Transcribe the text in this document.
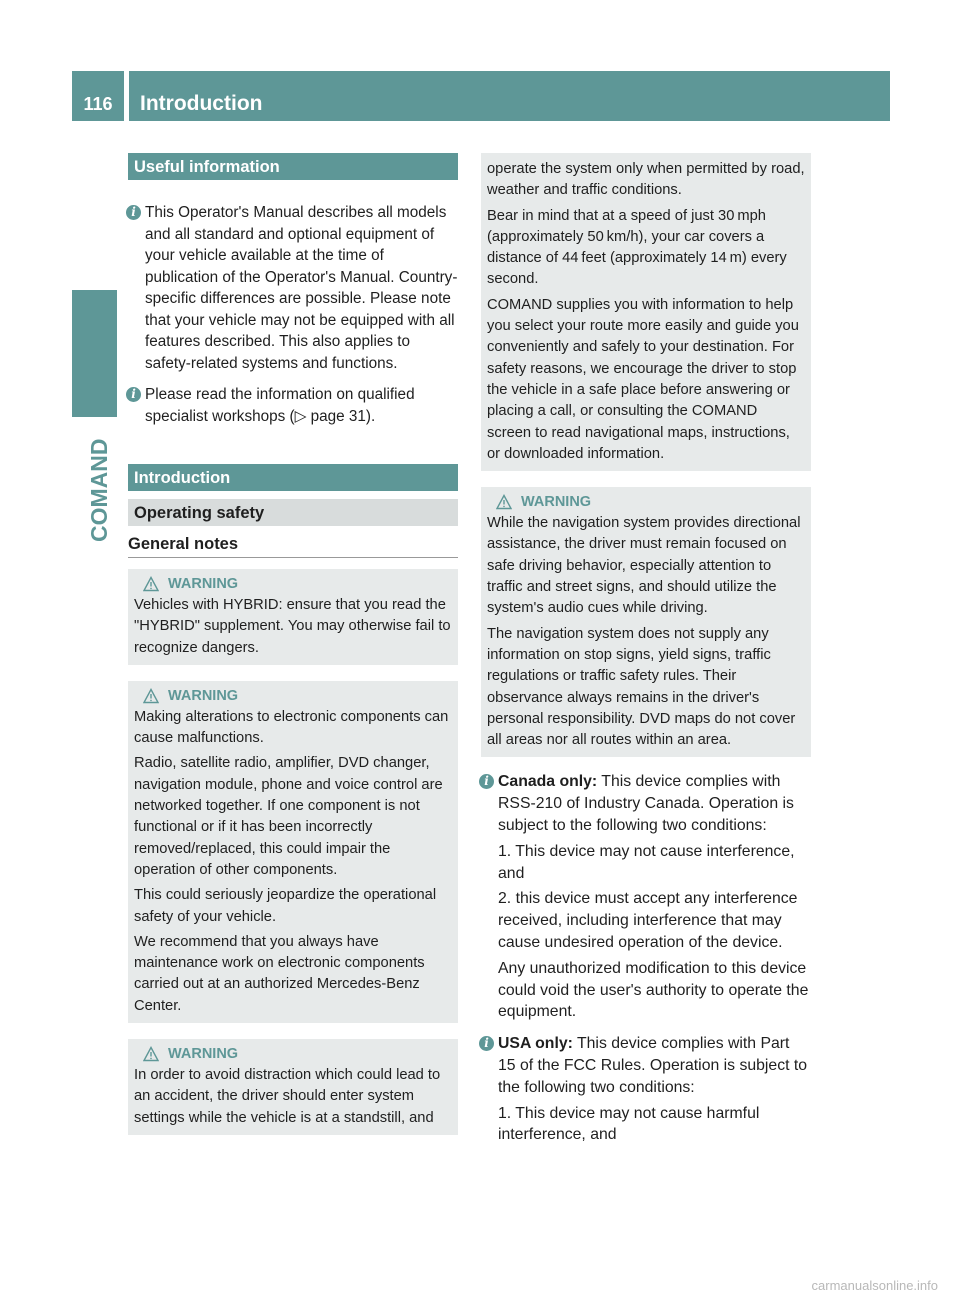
116	Introduction
COMAND
Useful information
i This Operator's Manual describes all models and all standard and optional equipment of your vehicle available at the time of publication of the Operator's Manual. Country-specific differences are possible. Please note that your vehicle may not be equipped with all features described. This also applies to safety-related systems and functions.
i Please read the information on qualified specialist workshops (▷ page 31).
Introduction
Operating safety
General notes
WARNING

Vehicles with HYBRID: ensure that you read the "HYBRID" supplement. You may otherwise fail to recognize dangers.

WARNING

Making alterations to electronic components can cause malfunctions.

Radio, satellite radio, amplifier, DVD changer, navigation module, phone and voice control are networked together. If one component is not functional or if it has been incorrectly removed/replaced, this could impair the operation of other components.

This could seriously jeopardize the operational safety of your vehicle.

We recommend that you always have maintenance work on electronic components carried out at an authorized Mercedes-Benz Center.

WARNING

In order to avoid distraction which could lead to an accident, the driver should enter system settings while the vehicle is at a standstill, and

operate the system only when permitted by road, weather and traffic conditions.

Bear in mind that at a speed of just 30 mph (approximately 50 km/h), your car covers a distance of 44 feet (approximately 14 m) every second.

COMAND supplies you with information to help you select your route more easily and guide you conveniently and safely to your destination. For safety reasons, we encourage the driver to stop the vehicle in a safe place before answering or placing a call, or consulting the COMAND screen to read navigational maps, instructions, or downloaded information.

WARNING

While the navigation system provides directional assistance, the driver must remain focused on safe driving behavior, especially attention to traffic and street signs, and should utilize the system's audio cues while driving.

The navigation system does not supply any information on stop signs, yield signs, traffic regulations or traffic safety rules. Their observance always remains in the driver's personal responsibility. DVD maps do not cover all areas nor all routes within an area.

i Canada only: This device complies with RSS-210 of Industry Canada. Operation is subject to the following two conditions:
1. This device may not cause interference, and
2. this device must accept any interference received, including interference that may cause undesired operation of the device.
Any unauthorized modification to this device could void the user's authority to operate the equipment.
i USA only: This device complies with Part 15 of the FCC Rules. Operation is subject to the following two conditions:
1. This device may not cause harmful interference, and
carmanualsonline.info
